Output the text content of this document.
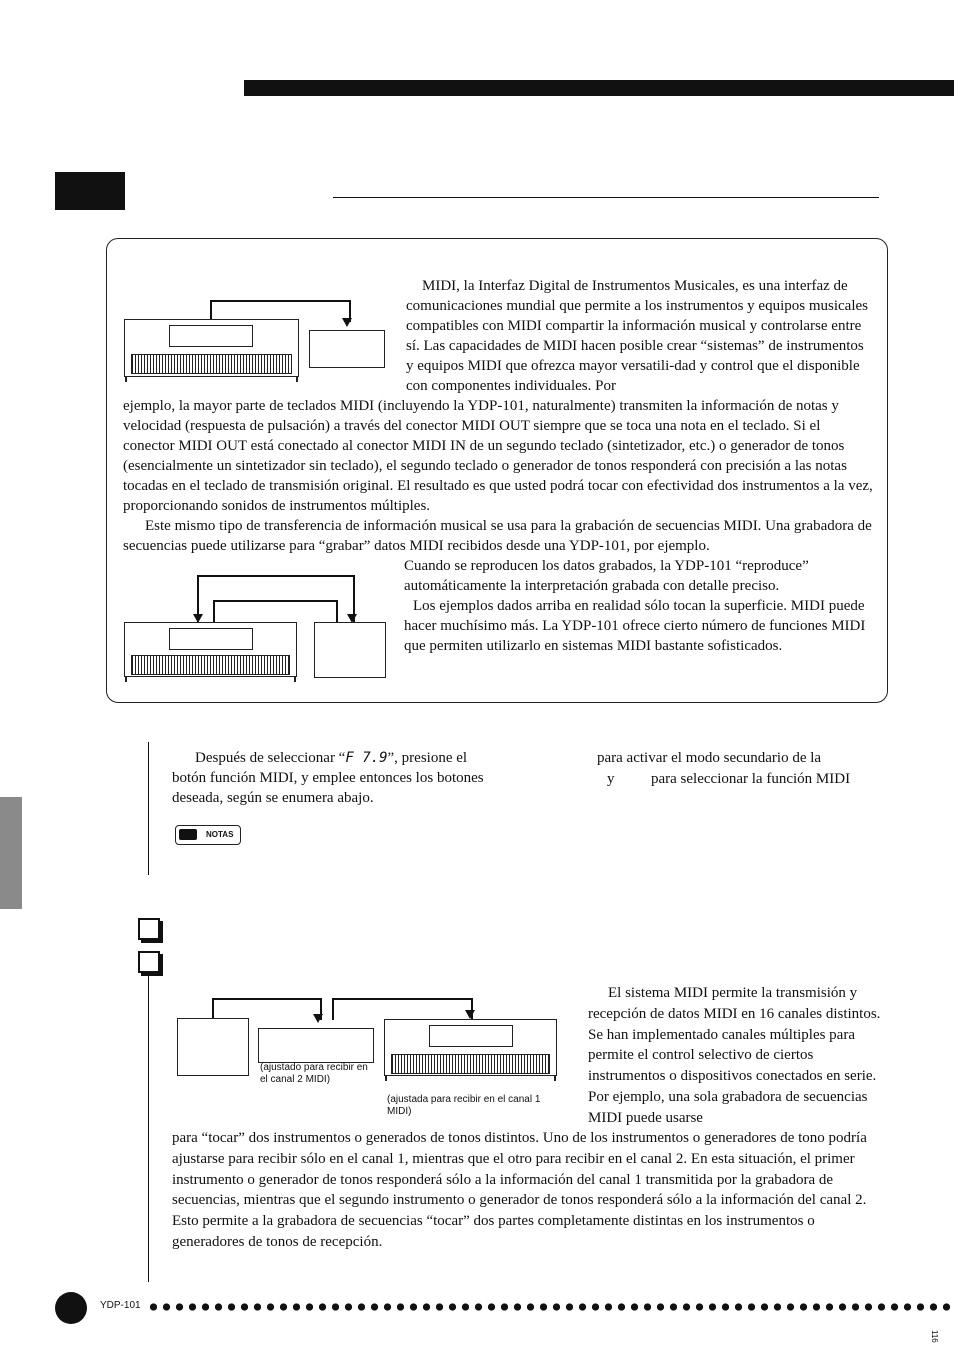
MIDI, la Interfaz Digital de Instrumentos Musicales, es una interfaz de comunicaciones mundial que permite a los instrumentos y equipos musicales compatibles con MIDI compartir la información musical y controlarse entre sí. Las capacidades de MIDI hacen posible crear “sistemas” de instrumentos y equipos MIDI que ofrezca mayor versatili-dad y control que el disponible con componentes individuales. Por

ejemplo, la mayor parte de teclados MIDI (incluyendo la YDP-101, naturalmente) transmiten la información de notas y velocidad (respuesta de pulsación) a través del conector MIDI OUT siempre que se toca una nota en el teclado. Si el conector MIDI OUT está conectado al conector MIDI IN de un segundo teclado (sintetizador, etc.) o generador de tonos (esencialmente un sintetizador sin teclado), el segundo teclado o generador de tonos responderá con precisión a las notas tocadas en el teclado de transmisión original. El resultado es que usted podrá tocar con efectividad dos instrumentos a la vez, proporcionando sonidos de instrumentos múltiples.

Este mismo tipo de transferencia de información musical se usa para la grabación de secuencias MIDI. Una grabadora de secuencias puede utilizarse para “grabar” datos MIDI recibidos desde una YDP-101, por ejemplo.

Cuando se reproducen los datos grabados, la YDP-101 “reproduce” automáticamente la interpretación grabada con detalle preciso.

Los ejemplos dados arriba en realidad sólo tocan la superficie. MIDI puede hacer muchísimo más. La YDP-101 ofrece cierto número de funciones MIDI que permiten utilizarlo en sistemas MIDI bastante sofisticados.

Después de seleccionar “F 7.9”, presione el botón función MIDI, y emplee entonces los botones deseada, según se enumera abajo.

para activar el modo secundario de la

y para seleccionar la función MIDI
NOTAS
(ajustado para recibir en el canal 2 MIDI)
(ajustada para recibir en el canal 1 MIDI)

El sistema MIDI permite la transmisión y recepción de datos MIDI en 16 canales distintos. Se han implementado canales múltiples para permite el control selectivo de ciertos instrumentos o dispositivos conectados en serie. Por ejemplo, una sola grabadora de secuencias MIDI puede usarse

para “tocar” dos instrumentos o generados de tonos distintos. Uno de los instrumentos o generadores de tono podría ajustarse para recibir sólo en el canal 1, mientras que el otro para recibir en el canal 2. En esta situación, el primer instrumento o generador de tonos responderá sólo a la información del canal 1 transmitida por la grabadora de secuencias, mientras que el segundo instrumento o generador de tonos responderá sólo a la información del canal 2. Esto permite a la grabadora de secuencias “tocar” dos partes completamente distintas en los instrumentos o generadores de tonos de recepción.

YDP-101
116
